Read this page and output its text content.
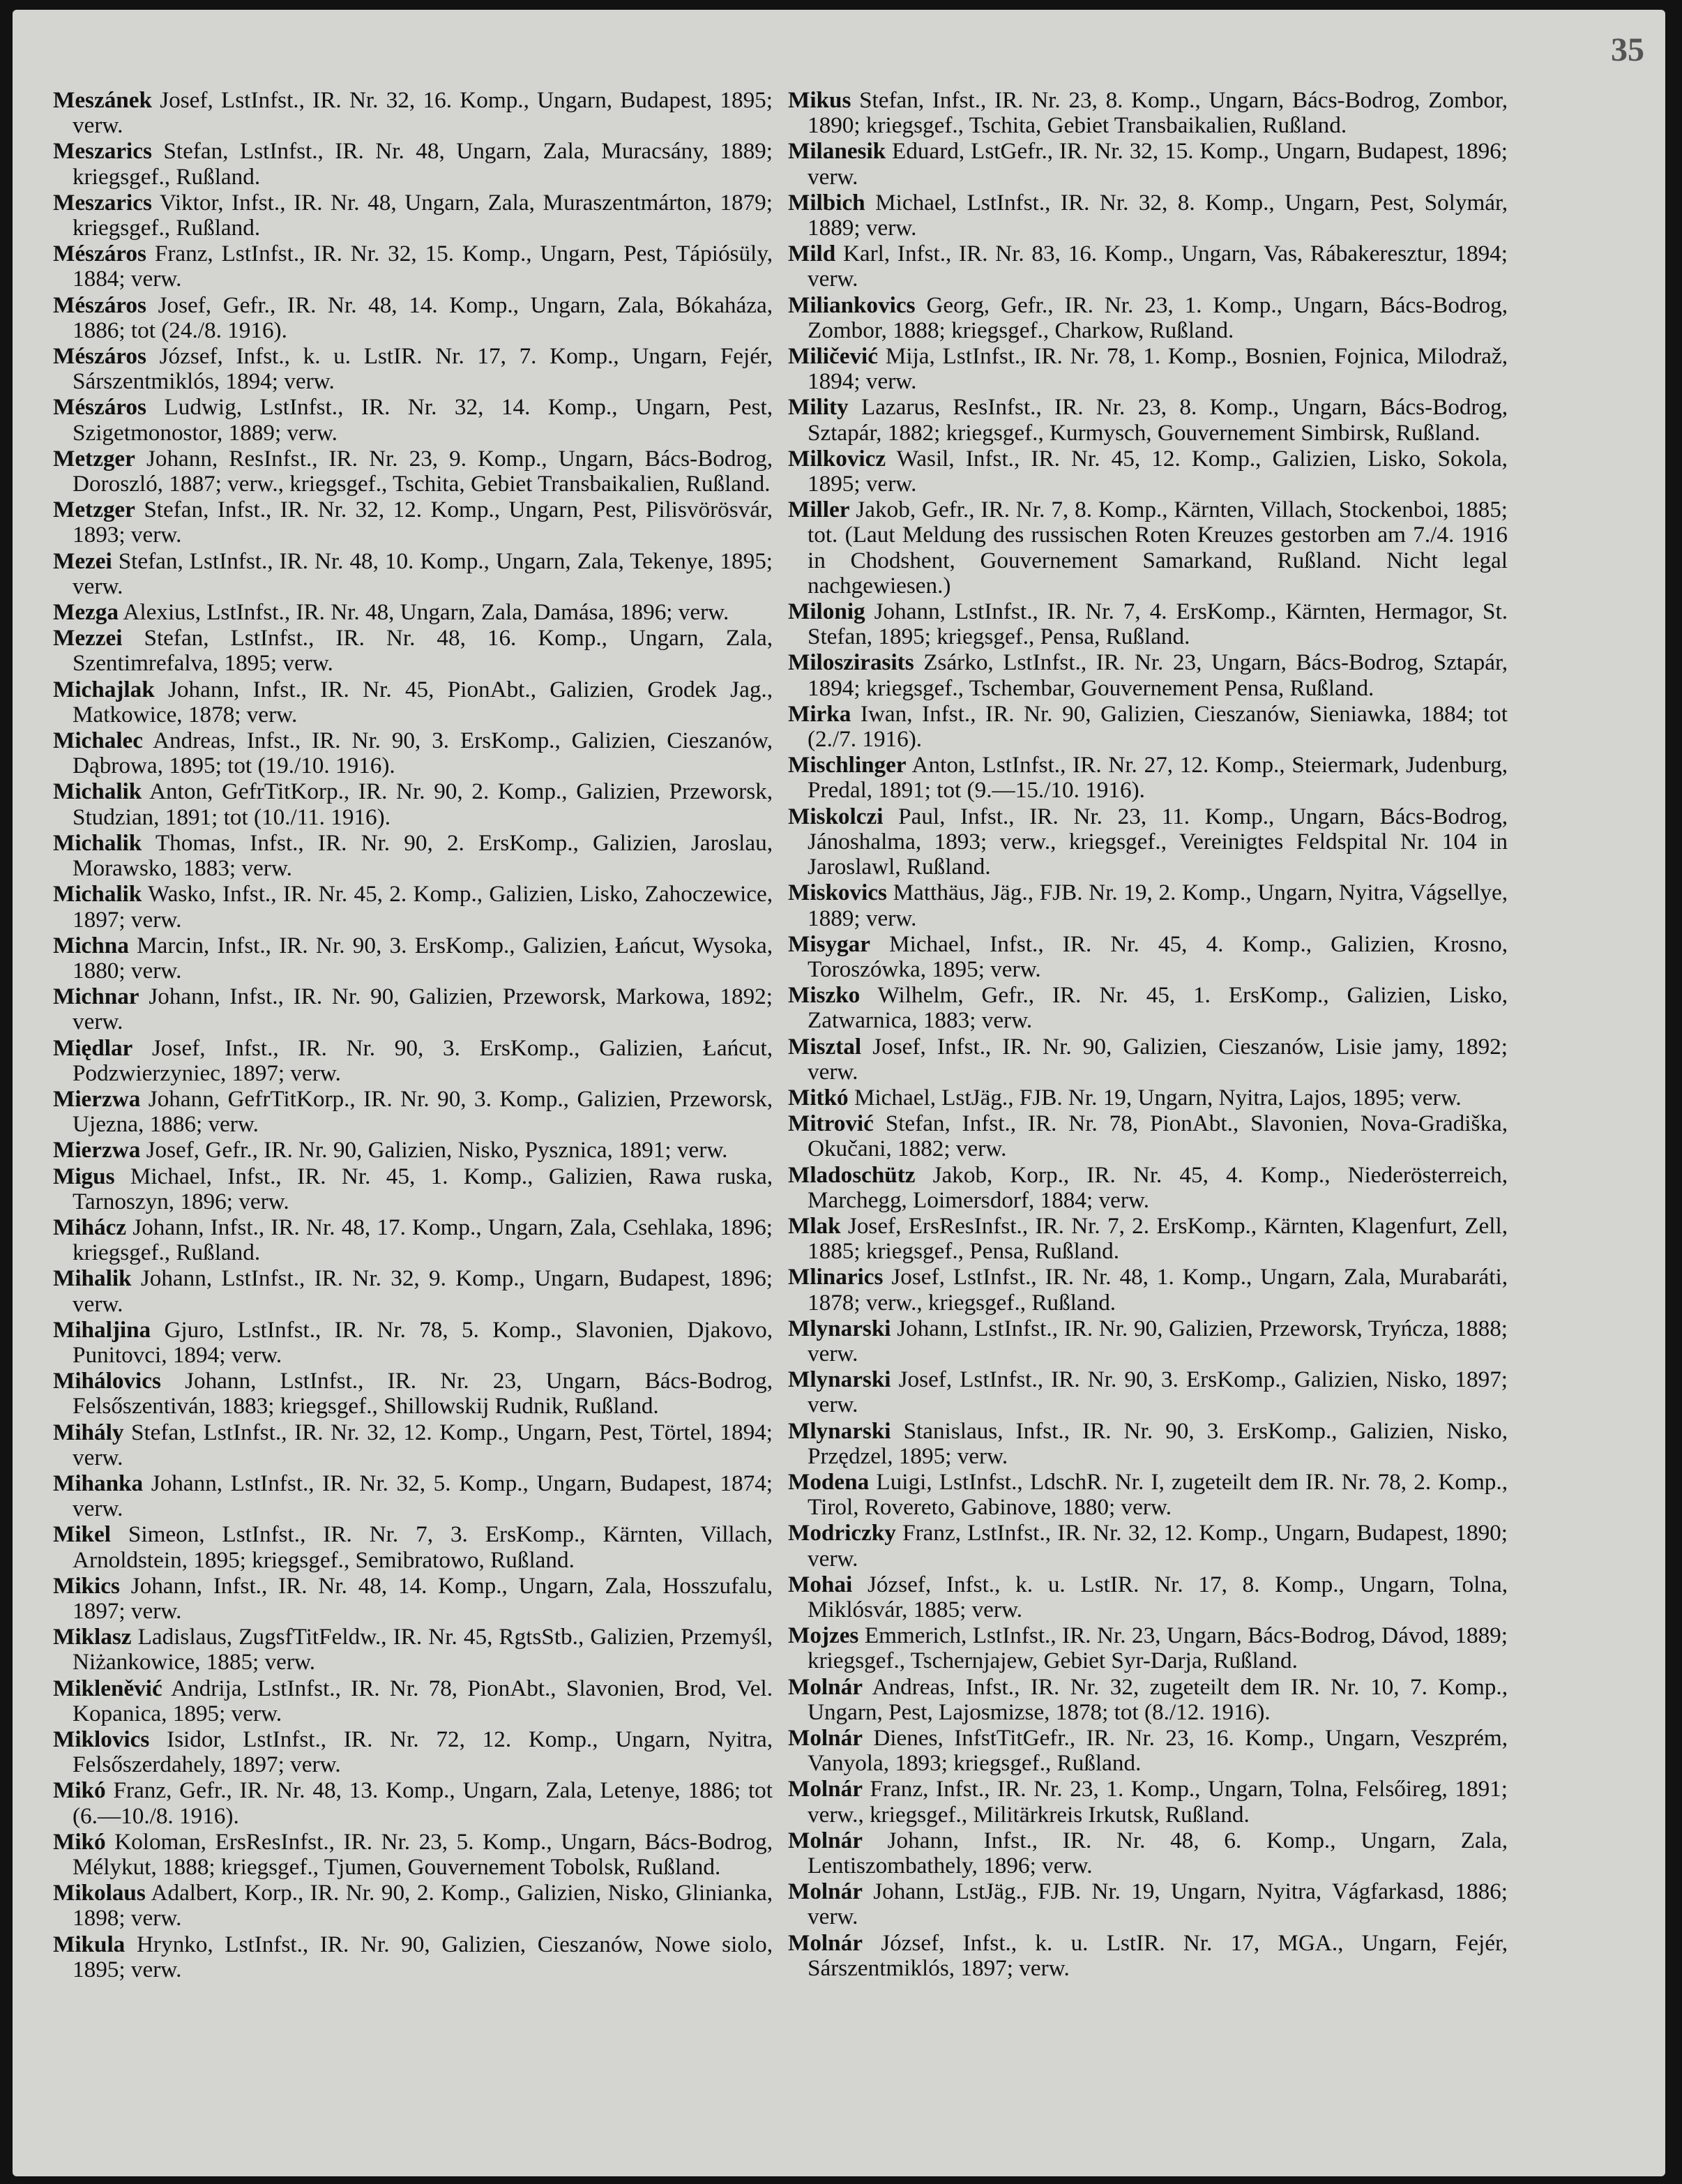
35

Meszánek Josef, LstInfst., IR. Nr. 32, 16. Komp., Ungarn, Budapest, 1895; verw.

Meszarics Stefan, LstInfst., IR. Nr. 48, Ungarn, Zala, Muracsány, 1889; kriegsgef., Rußland.

Meszarics Viktor, Infst., IR. Nr. 48, Ungarn, Zala, Muraszentmárton, 1879; kriegsgef., Rußland.

Mészáros Franz, LstInfst., IR. Nr. 32, 15. Komp., Ungarn, Pest, Tápiósüly, 1884; verw.

Mészáros Josef, Gefr., IR. Nr. 48, 14. Komp., Ungarn, Zala, Bókaháza, 1886; tot (24./8. 1916).

Mészáros József, Infst., k. u. LstIR. Nr. 17, 7. Komp., Ungarn, Fejér, Sárszentmiklós, 1894; verw.

Mészáros Ludwig, LstInfst., IR. Nr. 32, 14. Komp., Ungarn, Pest, Szigetmonostor, 1889; verw.

Metzger Johann, ResInfst., IR. Nr. 23, 9. Komp., Ungarn, Bács-Bodrog, Doroszló, 1887; verw., kriegsgef., Tschita, Gebiet Transbaikalien, Rußland.

Metzger Stefan, Infst., IR. Nr. 32, 12. Komp., Ungarn, Pest, Pilisvörösvár, 1893; verw.

Mezei Stefan, LstInfst., IR. Nr. 48, 10. Komp., Ungarn, Zala, Tekenye, 1895; verw.

Mezga Alexius, LstInfst., IR. Nr. 48, Ungarn, Zala, Damása, 1896; verw.

Mezzei Stefan, LstInfst., IR. Nr. 48, 16. Komp., Ungarn, Zala, Szentimrefalva, 1895; verw.

Michajlak Johann, Infst., IR. Nr. 45, PionAbt., Galizien, Grodek Jag., Matkowice, 1878; verw.

Michalec Andreas, Infst., IR. Nr. 90, 3. ErsKomp., Galizien, Cieszanów, Dąbrowa, 1895; tot (19./10. 1916).

Michalik Anton, GefrTitKorp., IR. Nr. 90, 2. Komp., Galizien, Przeworsk, Studzian, 1891; tot (10./11. 1916).

Michalik Thomas, Infst., IR. Nr. 90, 2. ErsKomp., Galizien, Jaroslau, Morawsko, 1883; verw.

Michalik Wasko, Infst., IR. Nr. 45, 2. Komp., Galizien, Lisko, Zahoczewice, 1897; verw.

Michna Marcin, Infst., IR. Nr. 90, 3. ErsKomp., Galizien, Łańcut, Wysoka, 1880; verw.

Michnar Johann, Infst., IR. Nr. 90, Galizien, Przeworsk, Markowa, 1892; verw.

Międlar Josef, Infst., IR. Nr. 90, 3. ErsKomp., Galizien, Łańcut, Podzwierzyniec, 1897; verw.

Mierzwa Johann, GefrTitKorp., IR. Nr. 90, 3. Komp., Galizien, Przeworsk, Ujezna, 1886; verw.

Mierzwa Josef, Gefr., IR. Nr. 90, Galizien, Nisko, Pysznica, 1891; verw.

Migus Michael, Infst., IR. Nr. 45, 1. Komp., Galizien, Rawa ruska, Tarnoszyn, 1896; verw.

Mihácz Johann, Infst., IR. Nr. 48, 17. Komp., Ungarn, Zala, Csehlaka, 1896; kriegsgef., Rußland.

Mihalik Johann, LstInfst., IR. Nr. 32, 9. Komp., Ungarn, Budapest, 1896; verw.

Mihaljina Gjuro, LstInfst., IR. Nr. 78, 5. Komp., Slavonien, Djakovo, Punitovci, 1894; verw.

Mihálovics Johann, LstInfst., IR. Nr. 23, Ungarn, Bács-Bodrog, Felsőszentiván, 1883; kriegsgef., Shillowskij Rudnik, Rußland.

Mihály Stefan, LstInfst., IR. Nr. 32, 12. Komp., Ungarn, Pest, Törtel, 1894; verw.

Mihanka Johann, LstInfst., IR. Nr. 32, 5. Komp., Ungarn, Budapest, 1874; verw.

Mikel Simeon, LstInfst., IR. Nr. 7, 3. ErsKomp., Kärnten, Villach, Arnoldstein, 1895; kriegsgef., Semibratowo, Rußland.

Mikics Johann, Infst., IR. Nr. 48, 14. Komp., Ungarn, Zala, Hosszufalu, 1897; verw.

Miklasz Ladislaus, ZugsfTitFeldw., IR. Nr. 45, RgtsStb., Galizien, Przemyśl, Niżankowice, 1885; verw.

Mikleněvić Andrija, LstInfst., IR. Nr. 78, PionAbt., Slavonien, Brod, Vel. Kopanica, 1895; verw.

Miklovics Isidor, LstInfst., IR. Nr. 72, 12. Komp., Ungarn, Nyitra, Felsőszerdahely, 1897; verw.

Mikó Franz, Gefr., IR. Nr. 48, 13. Komp., Ungarn, Zala, Letenye, 1886; tot (6.—10./8. 1916).

Mikó Koloman, ErsResInfst., IR. Nr. 23, 5. Komp., Ungarn, Bács-Bodrog, Mélykut, 1888; kriegsgef., Tjumen, Gouvernement Tobolsk, Rußland.

Mikolaus Adalbert, Korp., IR. Nr. 90, 2. Komp., Galizien, Nisko, Glinianka, 1898; verw.

Mikula Hrynko, LstInfst., IR. Nr. 90, Galizien, Cieszanów, Nowe siolo, 1895; verw.

Mikus Stefan, Infst., IR. Nr. 23, 8. Komp., Ungarn, Bács-Bodrog, Zombor, 1890; kriegsgef., Tschita, Gebiet Transbaikalien, Rußland.

Milanesik Eduard, LstGefr., IR. Nr. 32, 15. Komp., Ungarn, Budapest, 1896; verw.

Milbich Michael, LstInfst., IR. Nr. 32, 8. Komp., Ungarn, Pest, Solymár, 1889; verw.

Mild Karl, Infst., IR. Nr. 83, 16. Komp., Ungarn, Vas, Rábakeresztur, 1894; verw.

Miliankovics Georg, Gefr., IR. Nr. 23, 1. Komp., Ungarn, Bács-Bodrog, Zombor, 1888; kriegsgef., Charkow, Rußland.

Miličević Mija, LstInfst., IR. Nr. 78, 1. Komp., Bosnien, Fojnica, Milodraž, 1894; verw.

Mility Lazarus, ResInfst., IR. Nr. 23, 8. Komp., Ungarn, Bács-Bodrog, Sztapár, 1882; kriegsgef., Kurmysch, Gouvernement Simbirsk, Rußland.

Milkovicz Wasil, Infst., IR. Nr. 45, 12. Komp., Galizien, Lisko, Sokola, 1895; verw.

Miller Jakob, Gefr., IR. Nr. 7, 8. Komp., Kärnten, Villach, Stockenboi, 1885; tot. (Laut Meldung des russischen Roten Kreuzes gestorben am 7./4. 1916 in Chodshent, Gouvernement Samarkand, Rußland. Nicht legal nachgewiesen.)

Milonig Johann, LstInfst., IR. Nr. 7, 4. ErsKomp., Kärnten, Hermagor, St. Stefan, 1895; kriegsgef., Pensa, Rußland.

Miloszirasits Zsárko, LstInfst., IR. Nr. 23, Ungarn, Bács-Bodrog, Sztapár, 1894; kriegsgef., Tschembar, Gouvernement Pensa, Rußland.

Mirka Iwan, Infst., IR. Nr. 90, Galizien, Cieszanów, Sieniawka, 1884; tot (2./7. 1916).

Mischlinger Anton, LstInfst., IR. Nr. 27, 12. Komp., Steiermark, Judenburg, Predal, 1891; tot (9.—15./10. 1916).

Miskolczi Paul, Infst., IR. Nr. 23, 11. Komp., Ungarn, Bács-Bodrog, Jánoshalma, 1893; verw., kriegsgef., Vereinigtes Feldspital Nr. 104 in Jaroslawl, Rußland.

Miskovics Matthäus, Jäg., FJB. Nr. 19, 2. Komp., Ungarn, Nyitra, Vágsellye, 1889; verw.

Misygar Michael, Infst., IR. Nr. 45, 4. Komp., Galizien, Krosno, Toroszówka, 1895; verw.

Miszko Wilhelm, Gefr., IR. Nr. 45, 1. ErsKomp., Galizien, Lisko, Zatwarnica, 1883; verw.

Misztal Josef, Infst., IR. Nr. 90, Galizien, Cieszanów, Lisie jamy, 1892; verw.

Mitkó Michael, LstJäg., FJB. Nr. 19, Ungarn, Nyitra, Lajos, 1895; verw.

Mitrović Stefan, Infst., IR. Nr. 78, PionAbt., Slavonien, Nova-Gradiška, Okučani, 1882; verw.

Mladoschütz Jakob, Korp., IR. Nr. 45, 4. Komp., Niederösterreich, Marchegg, Loimersdorf, 1884; verw.

Mlak Josef, ErsResInfst., IR. Nr. 7, 2. ErsKomp., Kärnten, Klagenfurt, Zell, 1885; kriegsgef., Pensa, Rußland.

Mlinarics Josef, LstInfst., IR. Nr. 48, 1. Komp., Ungarn, Zala, Murabaráti, 1878; verw., kriegsgef., Rußland.

Mlynarski Johann, LstInfst., IR. Nr. 90, Galizien, Przeworsk, Tryńcza, 1888; verw.

Mlynarski Josef, LstInfst., IR. Nr. 90, 3. ErsKomp., Galizien, Nisko, 1897; verw.

Mlynarski Stanislaus, Infst., IR. Nr. 90, 3. ErsKomp., Galizien, Nisko, Przędzel, 1895; verw.

Modena Luigi, LstInfst., LdschR. Nr. I, zugeteilt dem IR. Nr. 78, 2. Komp., Tirol, Rovereto, Gabinove, 1880; verw.

Modriczky Franz, LstInfst., IR. Nr. 32, 12. Komp., Ungarn, Budapest, 1890; verw.

Mohai József, Infst., k. u. LstIR. Nr. 17, 8. Komp., Ungarn, Tolna, Miklósvár, 1885; verw.

Mojzes Emmerich, LstInfst., IR. Nr. 23, Ungarn, Bács-Bodrog, Dávod, 1889; kriegsgef., Tschernjajew, Gebiet Syr-Darja, Rußland.

Molnár Andreas, Infst., IR. Nr. 32, zugeteilt dem IR. Nr. 10, 7. Komp., Ungarn, Pest, Lajosmizse, 1878; tot (8./12. 1916).

Molnár Dienes, InfstTitGefr., IR. Nr. 23, 16. Komp., Ungarn, Veszprém, Vanyola, 1893; kriegsgef., Rußland.

Molnár Franz, Infst., IR. Nr. 23, 1. Komp., Ungarn, Tolna, Felsőireg, 1891; verw., kriegsgef., Militärkreis Irkutsk, Rußland.

Molnár Johann, Infst., IR. Nr. 48, 6. Komp., Ungarn, Zala, Lentiszombathely, 1896; verw.

Molnár Johann, LstJäg., FJB. Nr. 19, Ungarn, Nyitra, Vágfarkasd, 1886; verw.

Molnár József, Infst., k. u. LstIR. Nr. 17, MGA., Ungarn, Fejér, Sárszentmiklós, 1897; verw.
